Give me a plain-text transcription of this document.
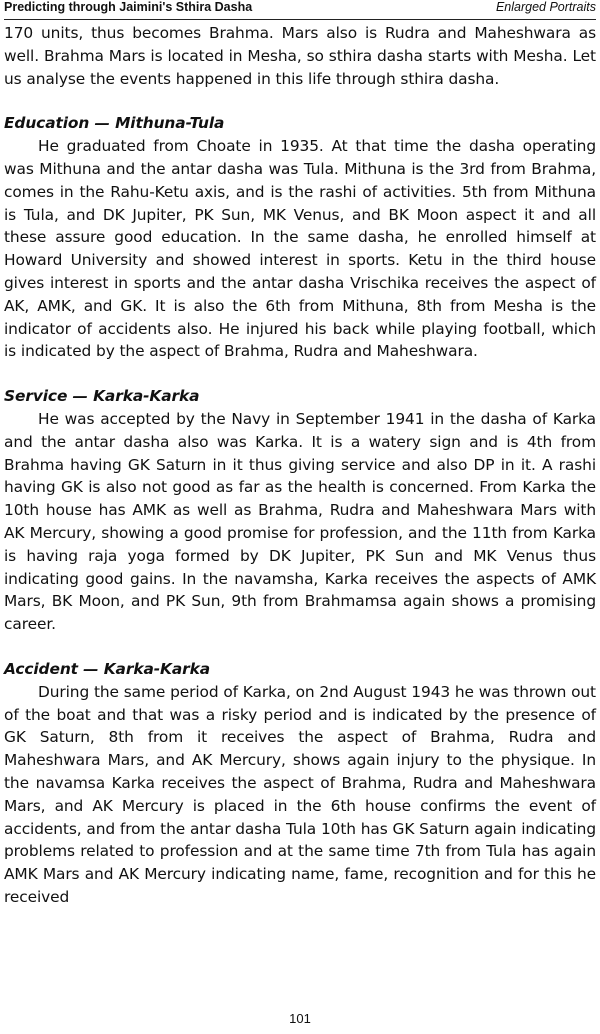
Predicting through Jaimini's Sthira Dasha	Enlarged Portraits

170 units, thus becomes Brahma. Mars also is Rudra and Maheshwara as well. Brahma Mars is located in Mesha, so sthira dasha starts with Mesha. Let us analyse the events happened in this life through sthira dasha.

Education — Mithuna-Tula

He graduated from Choate in 1935. At that time the dasha operating was Mithuna and the antar dasha was Tula. Mithuna is the 3rd from Brahma, comes in the Rahu-Ketu axis, and is the rashi of activities. 5th from Mithuna is Tula, and DK Jupiter, PK Sun, MK Venus, and BK Moon aspect it and all these assure good education. In the same dasha, he enrolled himself at Howard University and showed interest in sports. Ketu in the third house gives interest in sports and the antar dasha Vrischika receives the aspect of AK, AMK, and GK. It is also the 6th from Mithuna, 8th from Mesha is the indicator of accidents also. He injured his back while playing football, which is indicated by the aspect of Brahma, Rudra and Maheshwara.

Service — Karka-Karka

He was accepted by the Navy in September 1941 in the dasha of Karka and the antar dasha also was Karka. It is a watery sign and is 4th from Brahma having GK Saturn in it thus giving service and also DP in it. A rashi having GK is also not good as far as the health is concerned. From Karka the 10th house has AMK as well as Brahma, Rudra and Maheshwara Mars with AK Mercury, showing a good promise for profession, and the 11th from Karka is having raja yoga formed by DK Jupiter, PK Sun and MK Venus thus indicating good gains. In the navamsha, Karka receives the aspects of AMK Mars, BK Moon, and PK Sun, 9th from Brahmamsa again shows a promising career.

Accident — Karka-Karka

During the same period of Karka, on 2nd August 1943 he was thrown out of the boat and that was a risky period and is indicated by the presence of GK Saturn, 8th from it receives the aspect of Brahma, Rudra and Maheshwara Mars, and AK Mercury, shows again injury to the physique. In the navamsa Karka receives the aspect of Brahma, Rudra and Maheshwara Mars, and AK Mercury is placed in the 6th house confirms the event of accidents, and from the antar dasha Tula 10th has GK Saturn again indicating problems related to profession and at the same time 7th from Tula has again AMK Mars and AK Mercury indicating name, fame, recognition and for this he received

101
